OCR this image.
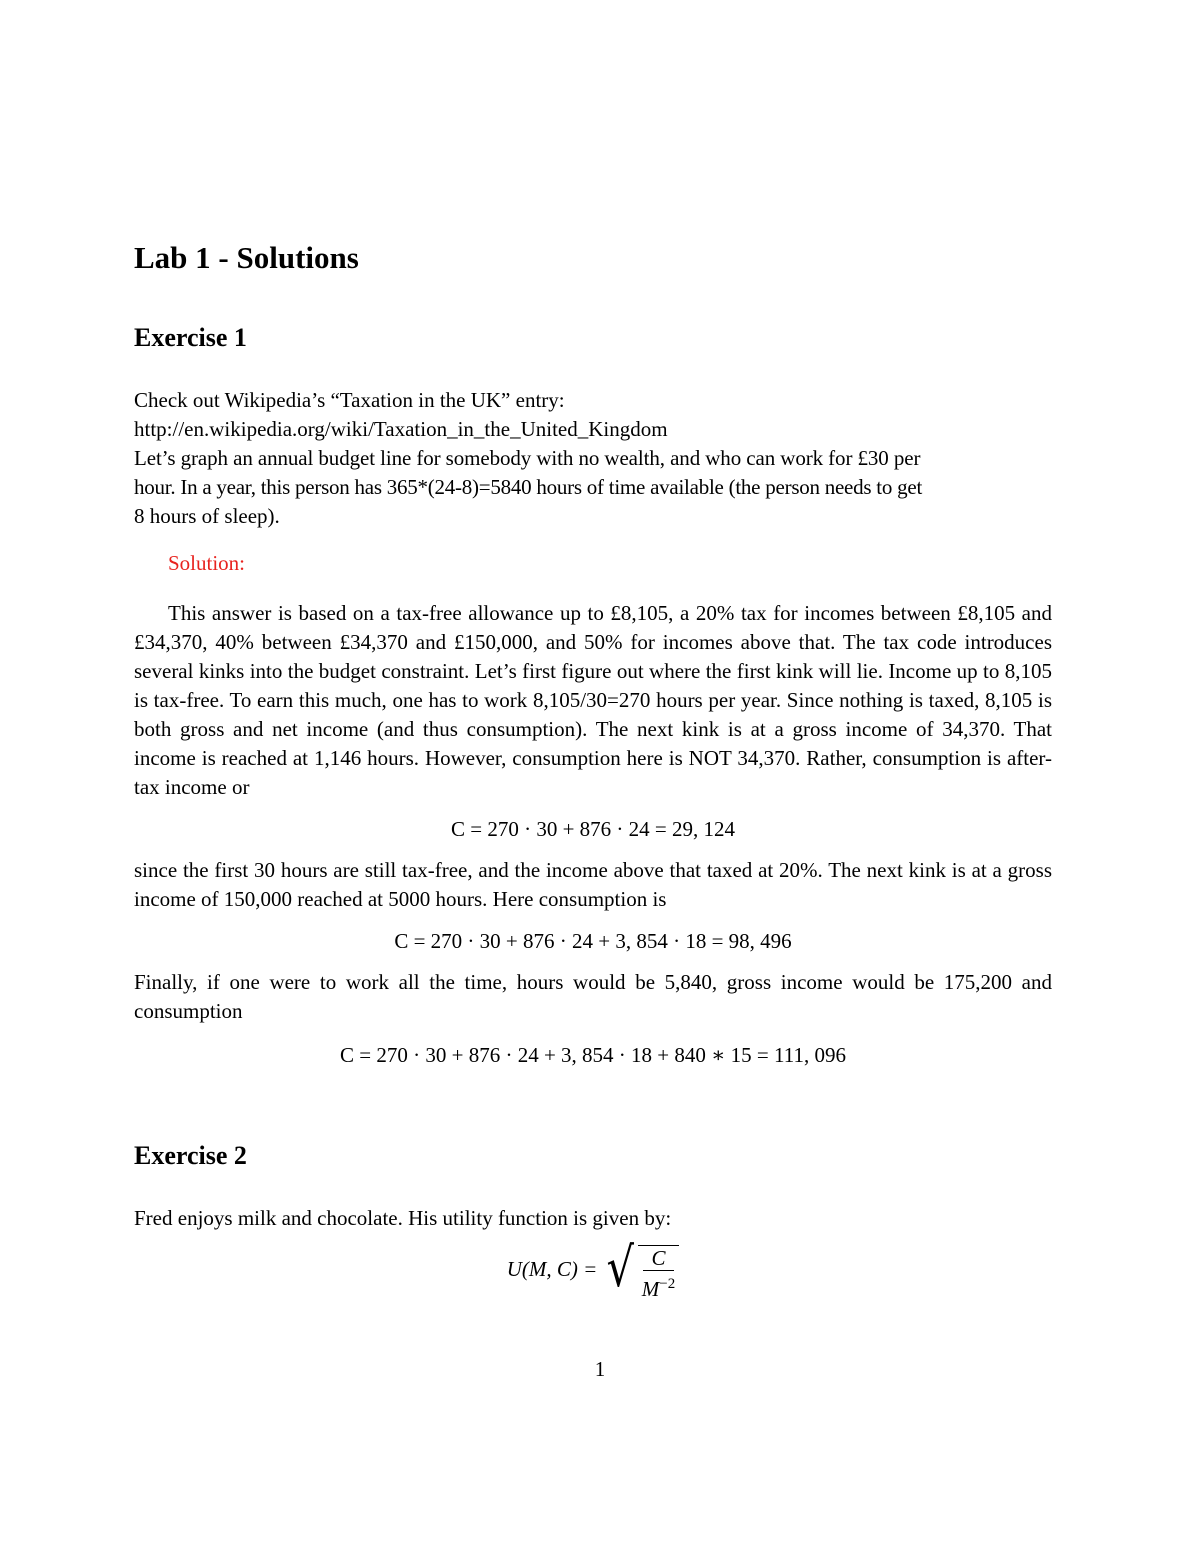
Lab 1 - Solutions
Exercise 1
Check out Wikipedia’s “Taxation in the UK” entry:
http://en.wikipedia.org/wiki/Taxation_in_the_United_Kingdom
Let’s graph an annual budget line for somebody with no wealth, and who can work for £30 per
hour. In a year, this person has 365*(24-8)=5840 hours of time available (the person needs to get
8 hours of sleep).
Solution:

This answer is based on a tax-free allowance up to £8,105, a 20% tax for incomes between £8,105 and £34,370, 40% between £34,370 and £150,000, and 50% for incomes above that. The tax code introduces several kinks into the budget constraint. Let’s first figure out where the first kink will lie. Income up to 8,105 is tax-free. To earn this much, one has to work 8,105/30=270 hours per year. Since nothing is taxed, 8,105 is both gross and net income (and thus consumption). The next kink is at a gross income of 34,370. That income is reached at 1,146 hours. However, consumption here is NOT 34,370. Rather, consumption is after-tax income or

C = 270 · 30 + 876 · 24 = 29, 124

since the first 30 hours are still tax-free, and the income above that taxed at 20%. The next kink is at a gross income of 150,000 reached at 5000 hours. Here consumption is

C = 270 · 30 + 876 · 24 + 3, 854 · 18 = 98, 496

Finally, if one were to work all the time, hours would be 5,840, gross income would be 175,200 and consumption

C = 270 · 30 + 876 · 24 + 3, 854 · 18 + 840 ∗ 15 = 111, 096
Exercise 2

Fred enjoys milk and chocolate. His utility function is given by:

U(M, C) = √ $\frac{C}{M^{-2}}$
1
